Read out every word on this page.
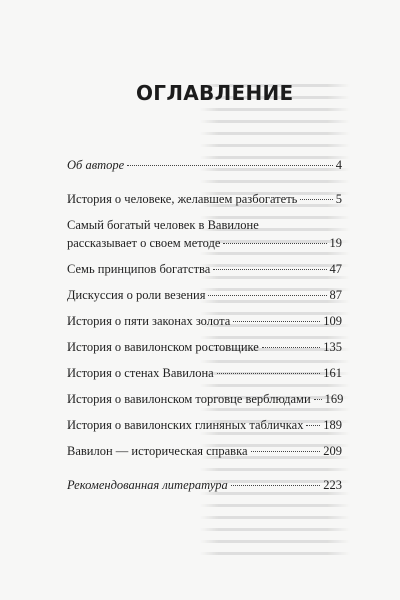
ОГЛАВЛЕНИЕ
Об авторе	4
История о человеке, желавшем разбогатеть	5
Самый богатый человек в Вавилоне
рассказывает о своем методе	19
Семь принципов богатства	47
Дискуссия о роли везения	87
История о пяти законах золота	109
История о вавилонском ростовщике	135
История о стенах Вавилона	161
История о вавилонском торговце верблюдами 169
История о вавилонских глиняных табличках 189
Вавилон — историческая справка	209
Рекомендованная литература	223
